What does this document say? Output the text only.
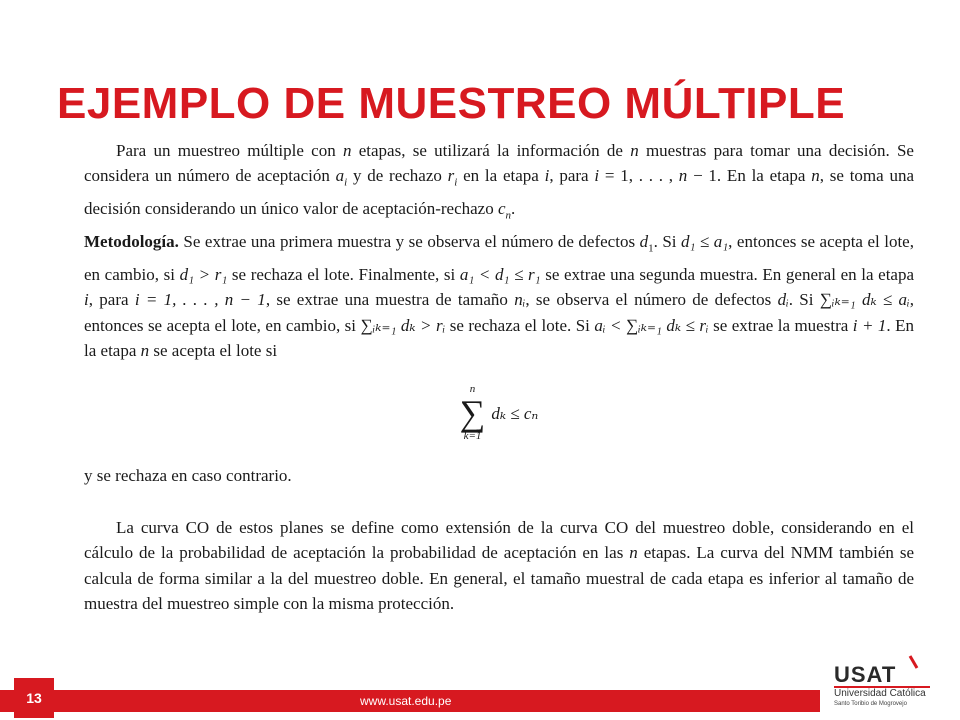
EJEMPLO DE MUESTREO MÚLTIPLE

Para un muestreo múltiple con n etapas, se utilizará la información de n muestras para tomar una decisión. Se considera un número de aceptación $a_i$ y de rechazo $r_i$ en la etapa i, para i = 1, . . . , n − 1. En la etapa n, se toma una decisión considerando un único valor de aceptación-rechazo $c_n$.

Metodología. Se extrae una primera muestra y se observa el número de defectos $d_1$. Si d₁ ≤ a₁, entonces se acepta el lote, en cambio, si d₁ > r₁ se rechaza el lote. Finalmente, si a₁ < d₁ ≤ r₁ se extrae una segunda muestra. En general en la etapa i, para i = 1, . . . , n − 1, se extrae una muestra de tamaño nᵢ, se observa el número de defectos dᵢ. Si ∑ᵢₖ₌₁ dₖ ≤ aᵢ, entonces se acepta el lote, en cambio, si ∑ᵢₖ₌₁ dₖ > rᵢ se rechaza el lote. Si aᵢ < ∑ᵢₖ₌₁ dₖ ≤ rᵢ se extrae la muestra i + 1. En la etapa n se acepta el lote si

n
∑
k=1
dₖ ≤ cₙ

y se rechaza en caso contrario.

La curva CO de estos planes se define como extensión de la curva CO del muestreo doble, considerando en el cálculo de la probabilidad de aceptación la probabilidad de aceptación en las n etapas. La curva del NMM también se calcula de forma similar a la del muestreo doble. En general, el tamaño muestral de cada etapa es inferior al tamaño de muestra del muestreo simple con la misma protección.

13	www.usat.edu.pe
USAT
Universidad Católica
Santo Toribio de Mogrovejo
